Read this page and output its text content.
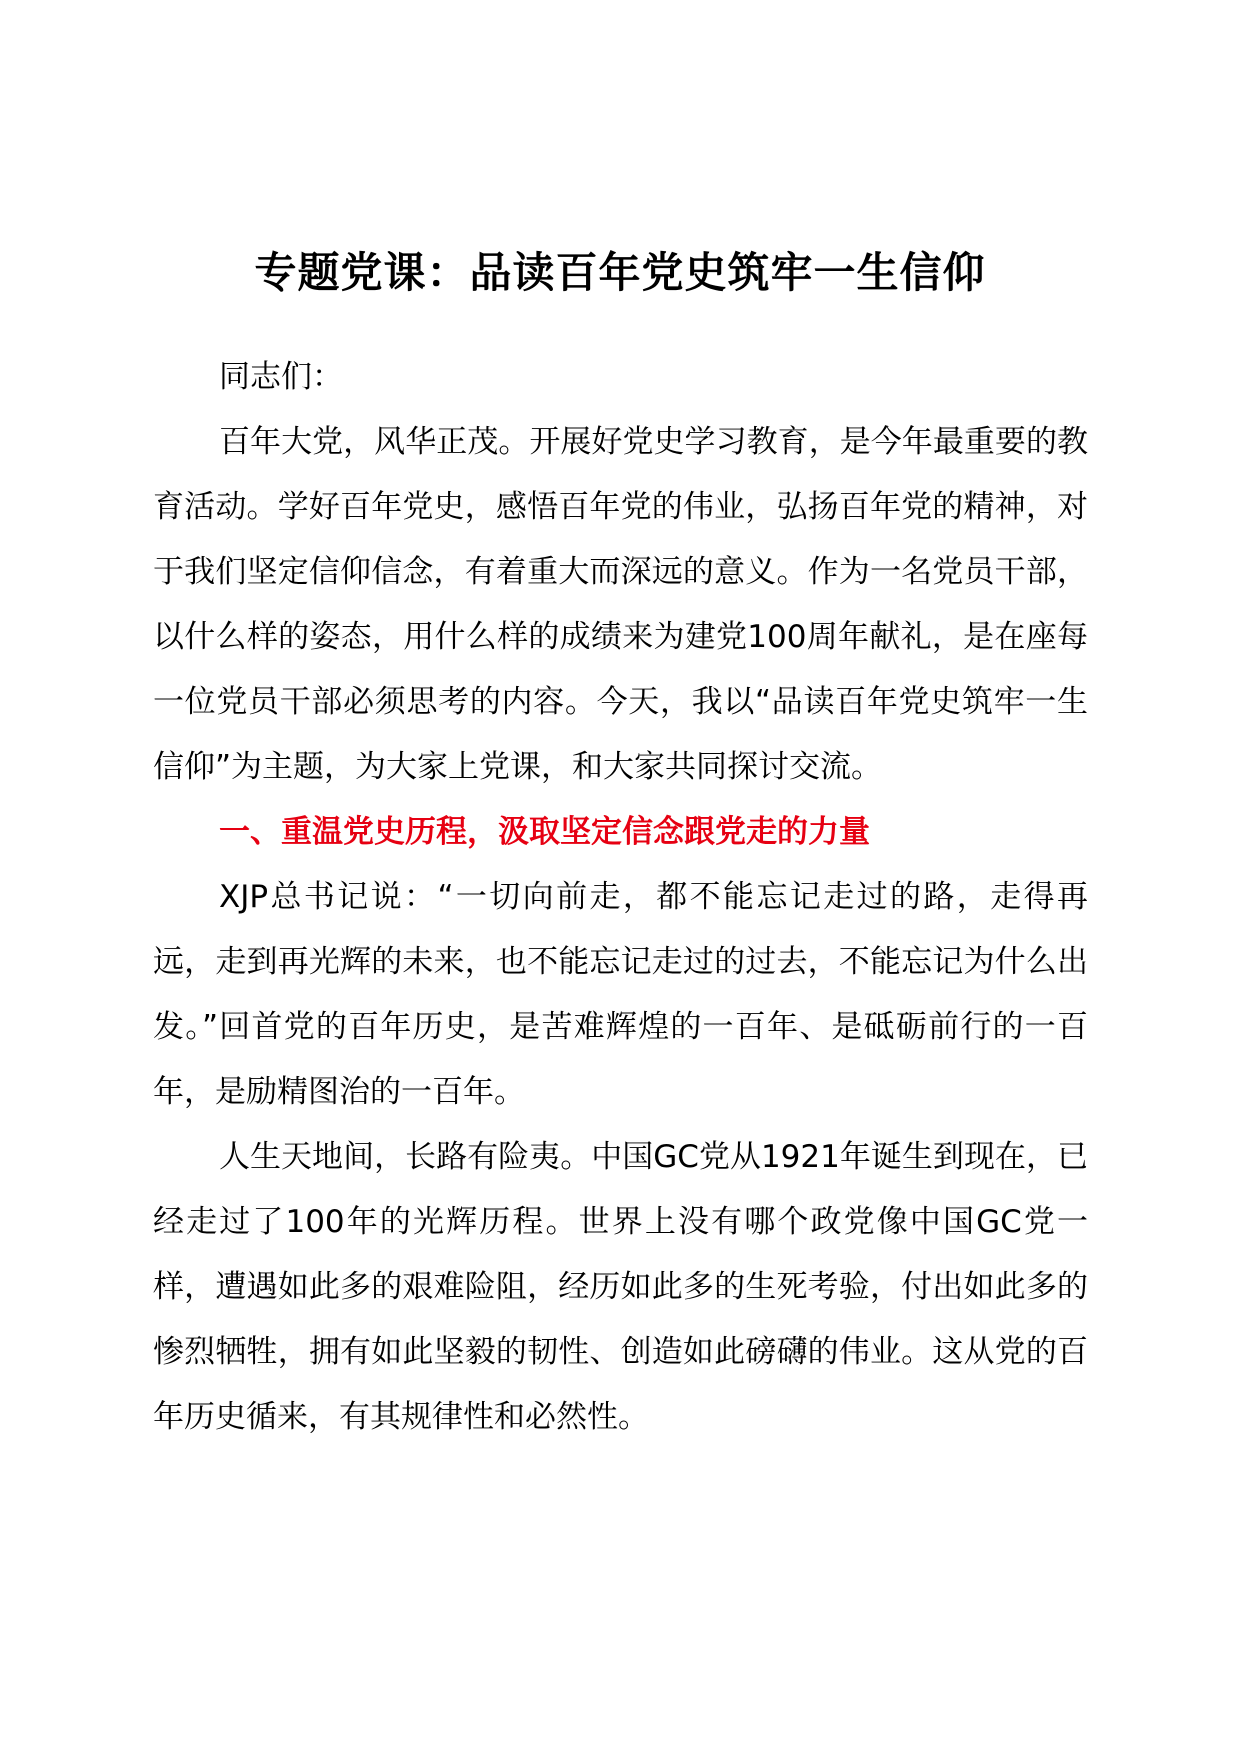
专题党课：品读百年党史筑牢一生信仰

同志们：

百年大党，风华正茂。开展好党史学习教育，是今年最重要的教育活动。学好百年党史，感悟百年党的伟业，弘扬百年党的精神，对于我们坚定信仰信念，有着重大而深远的意义。作为一名党员干部，以什么样的姿态，用什么样的成绩来为建党100周年献礼，是在座每一位党员干部必须思考的内容。今天，我以“品读百年党史筑牢一生信仰”为主题，为大家上党课，和大家共同探讨交流。

一、重温党史历程，汲取坚定信念跟党走的力量

XJP总书记说：“一切向前走，都不能忘记走过的路，走得再远，走到再光辉的未来，也不能忘记走过的过去，不能忘记为什么出发。”回首党的百年历史，是苦难辉煌的一百年、是砥砺前行的一百年，是励精图治的一百年。

人生天地间，长路有险夷。中国GC党从1921年诞生到现在，已经走过了100年的光辉历程。世界上没有哪个政党像中国GC党一样，遭遇如此多的艰难险阻，经历如此多的生死考验，付出如此多的惨烈牺牲，拥有如此坚毅的韧性、创造如此磅礴的伟业。这从党的百年历史循来，有其规律性和必然性。
